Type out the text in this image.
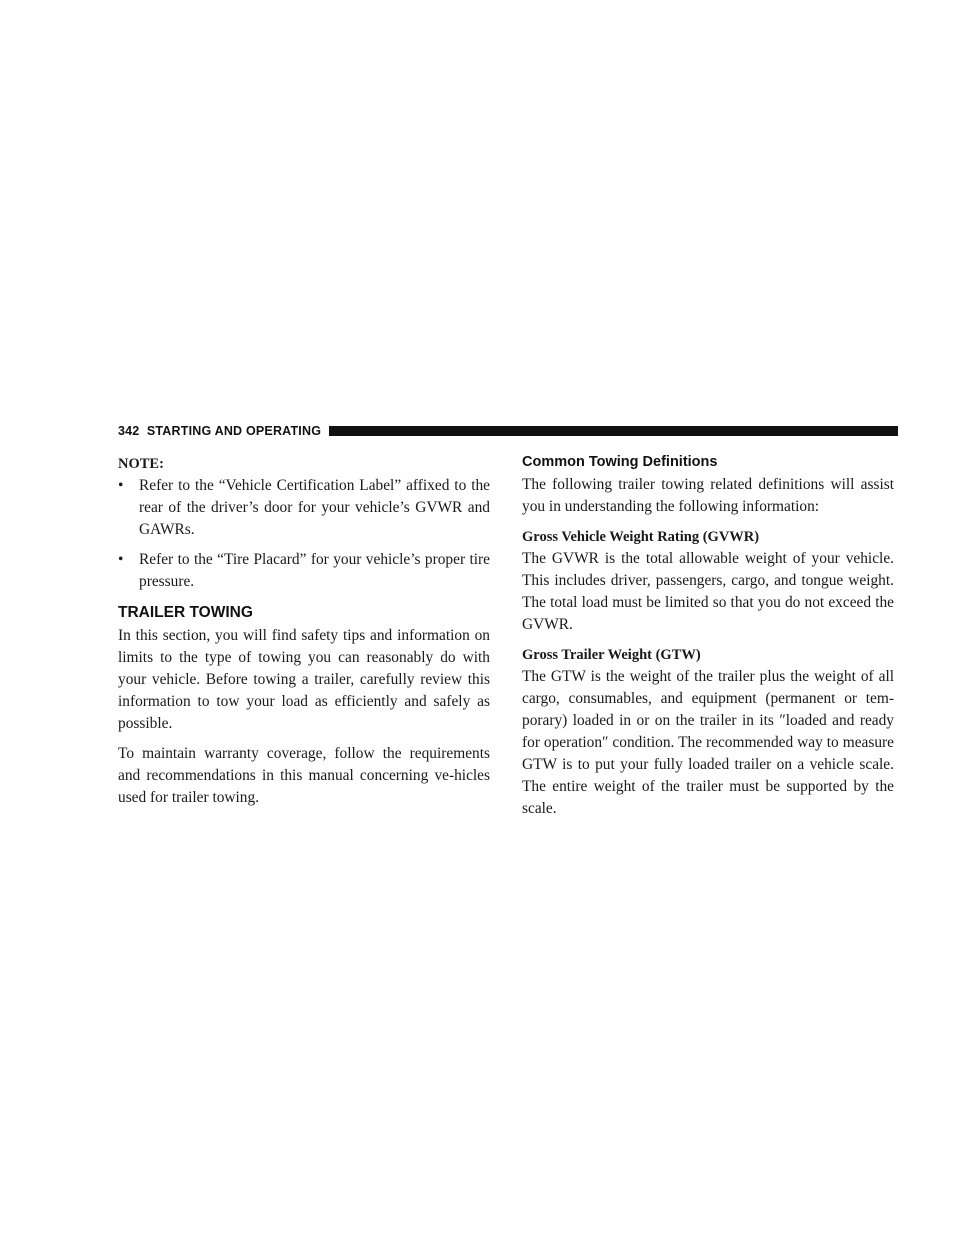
342 STARTING AND OPERATING
NOTE:
• Refer to the “Vehicle Certification Label” affixed to the rear of the driver’s door for your vehicle’s GVWR and GAWRs.
• Refer to the “Tire Placard” for your vehicle’s proper tire pressure.
TRAILER TOWING

In this section, you will find safety tips and information on limits to the type of towing you can reasonably do with your vehicle. Before towing a trailer, carefully review this information to tow your load as efficiently and safely as possible.

To maintain warranty coverage, follow the requirements and recommendations in this manual concerning ve-hicles used for trailer towing.

Common Towing Definitions

The following trailer towing related definitions will assist you in understanding the following information:

Gross Vehicle Weight Rating (GVWR)

The GVWR is the total allowable weight of your vehicle. This includes driver, passengers, cargo, and tongue weight. The total load must be limited so that you do not exceed the GVWR.

Gross Trailer Weight (GTW)

The GTW is the weight of the trailer plus the weight of all cargo, consumables, and equipment (permanent or tem-porary) loaded in or on the trailer in its ″loaded and ready for operation″ condition. The recommended way to measure GTW is to put your fully loaded trailer on a vehicle scale. The entire weight of the trailer must be supported by the scale.
